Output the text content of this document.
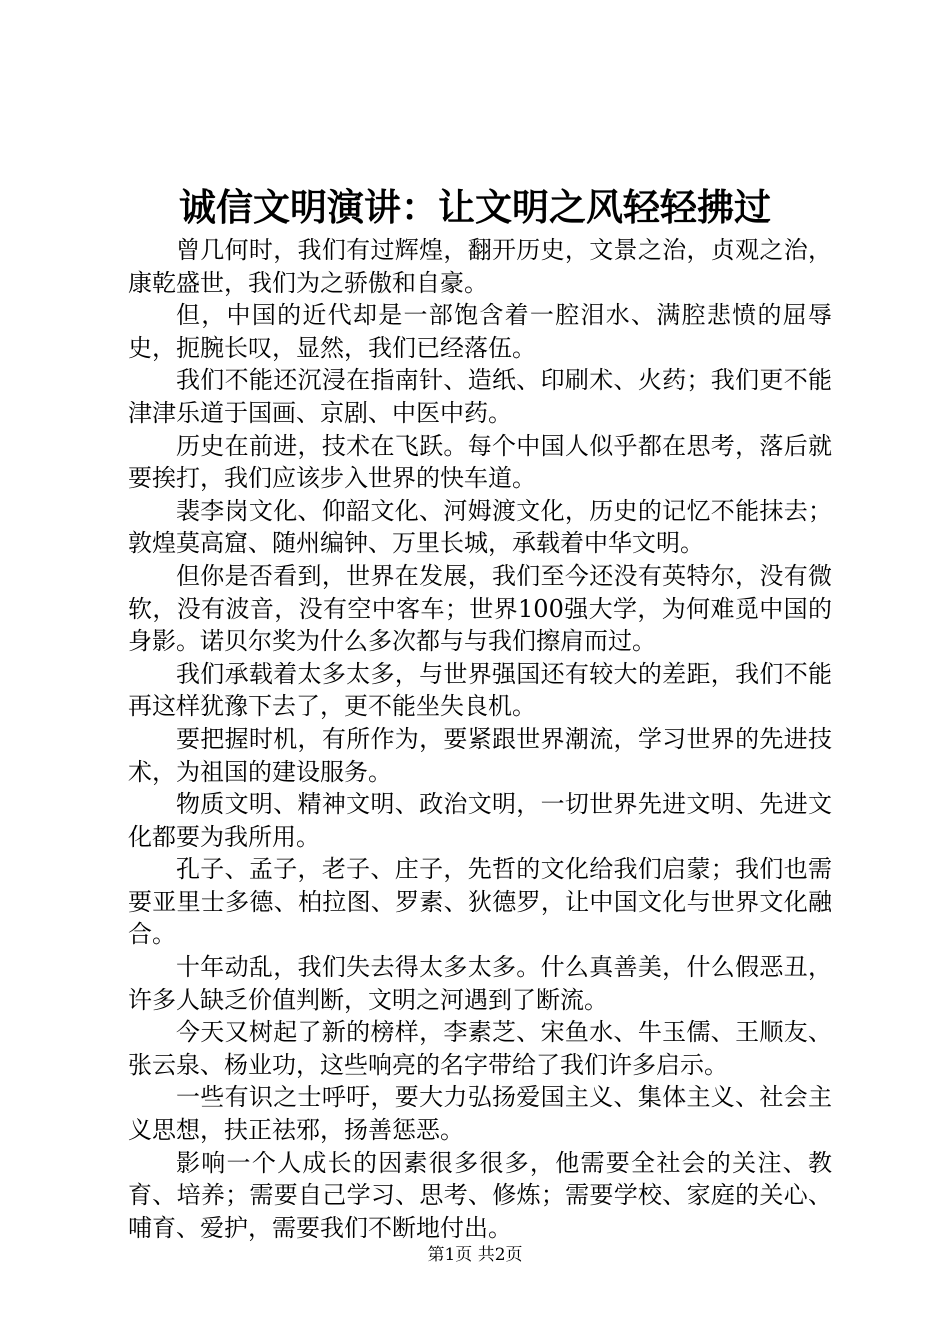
诚信文明演讲：让文明之风轻轻拂过

曾几何时，我们有过辉煌，翻开历史，文景之治，贞观之治，康乾盛世，我们为之骄傲和自豪。

但，中国的近代却是一部饱含着一腔泪水、满腔悲愤的屈辱史，扼腕长叹，显然，我们已经落伍。

我们不能还沉浸在指南针、造纸、印刷术、火药；我们更不能津津乐道于国画、京剧、中医中药。

历史在前进，技术在飞跃。每个中国人似乎都在思考，落后就要挨打，我们应该步入世界的快车道。

裴李岗文化、仰韶文化、河姆渡文化，历史的记忆不能抹去；敦煌莫高窟、随州编钟、万里长城，承载着中华文明。

但你是否看到，世界在发展，我们至今还没有英特尔，没有微软，没有波音，没有空中客车；世界100强大学，为何难觅中国的身影。诺贝尔奖为什么多次都与与我们擦肩而过。

我们承载着太多太多，与世界强国还有较大的差距，我们不能再这样犹豫下去了，更不能坐失良机。

要把握时机，有所作为，要紧跟世界潮流，学习世界的先进技术，为祖国的建设服务。

物质文明、精神文明、政治文明，一切世界先进文明、先进文化都要为我所用。

孔子、孟子，老子、庄子，先哲的文化给我们启蒙；我们也需要亚里士多德、柏拉图、罗素、狄德罗，让中国文化与世界文化融合。

十年动乱，我们失去得太多太多。什么真善美，什么假恶丑，许多人缺乏价值判断，文明之河遇到了断流。

今天又树起了新的榜样，李素芝、宋鱼水、牛玉儒、王顺友、张云泉、杨业功，这些响亮的名字带给了我们许多启示。

一些有识之士呼吁，要大力弘扬爱国主义、集体主义、社会主义思想，扶正祛邪，扬善惩恶。

影响一个人成长的因素很多很多，他需要全社会的关注、教育、培养；需要自己学习、思考、修炼；需要学校、家庭的关心、哺育、爱护，需要我们不断地付出。

第1页 共2页
